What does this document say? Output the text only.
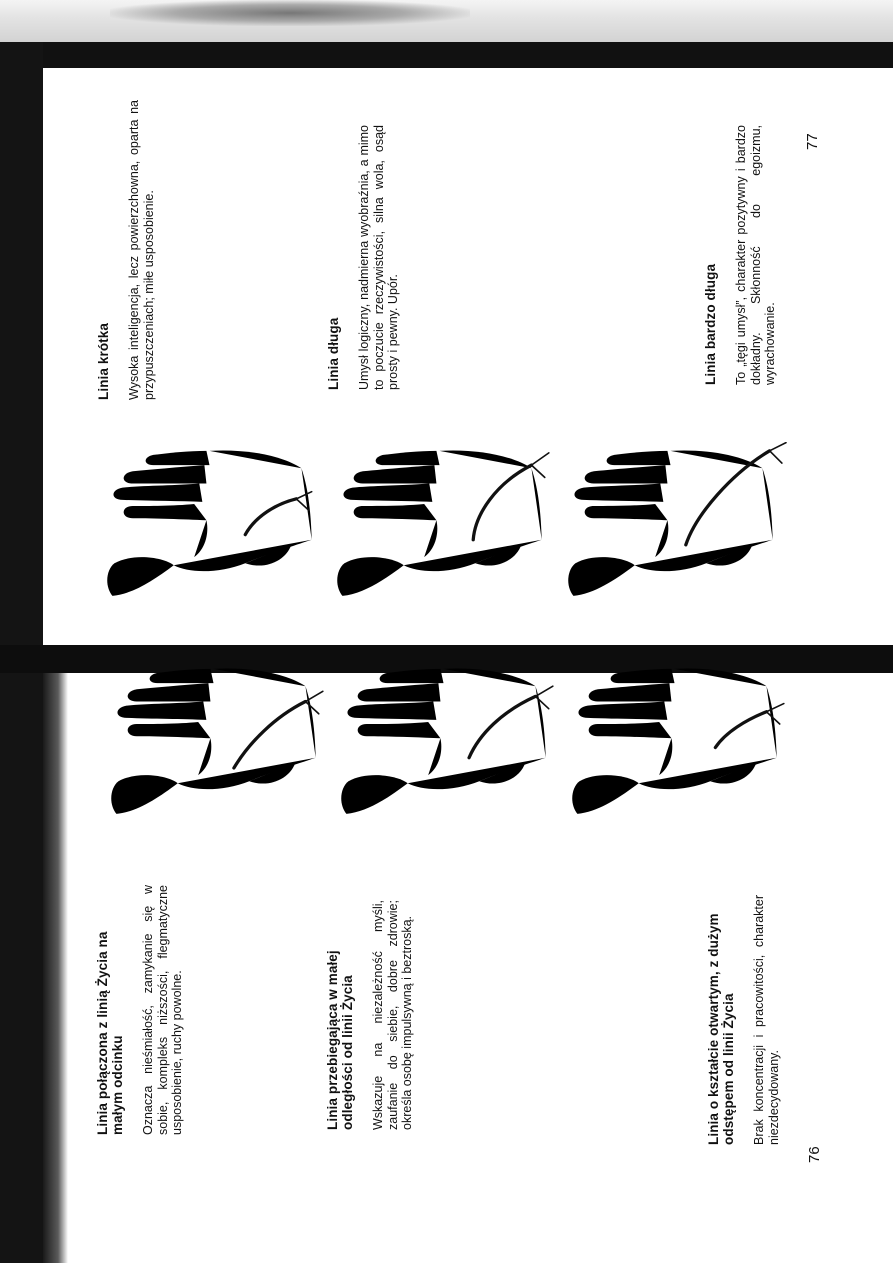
Linia krótka Wysoka inteligencja, lecz powierzchowna, oparta na przypuszczeniach; miłe usposobienie.	Linia długa Umysł logiczny, nadmierna wyobraźnia, a mimo to poczucie rzeczywistości, silna wola, osąd prosty i pewny. Upór.	Linia bardzo długa To „tęgi umysł”, charakter pozytywny i bardzo dokładny. Skłonność do egoizmu, wyrachowanie.

77
Linia połączona z linią Życia na małym odcinku Oznacza nieśmiałość, zamykanie się w sobie, kompleks niższości, flegmatyczne usposobienie, ruchy powolne.	Linia przebiegająca w małej odległości od linii Życia Wskazuje na niezależność myśli, zaufanie do siebie, dobre zdrowie; określa osobę impulsywną i beztroską.	Linia o kształcie otwartym, z dużym odstępem od linii Życia Brak koncentracji i pracowitości, charakter niezdecydowany.

76
